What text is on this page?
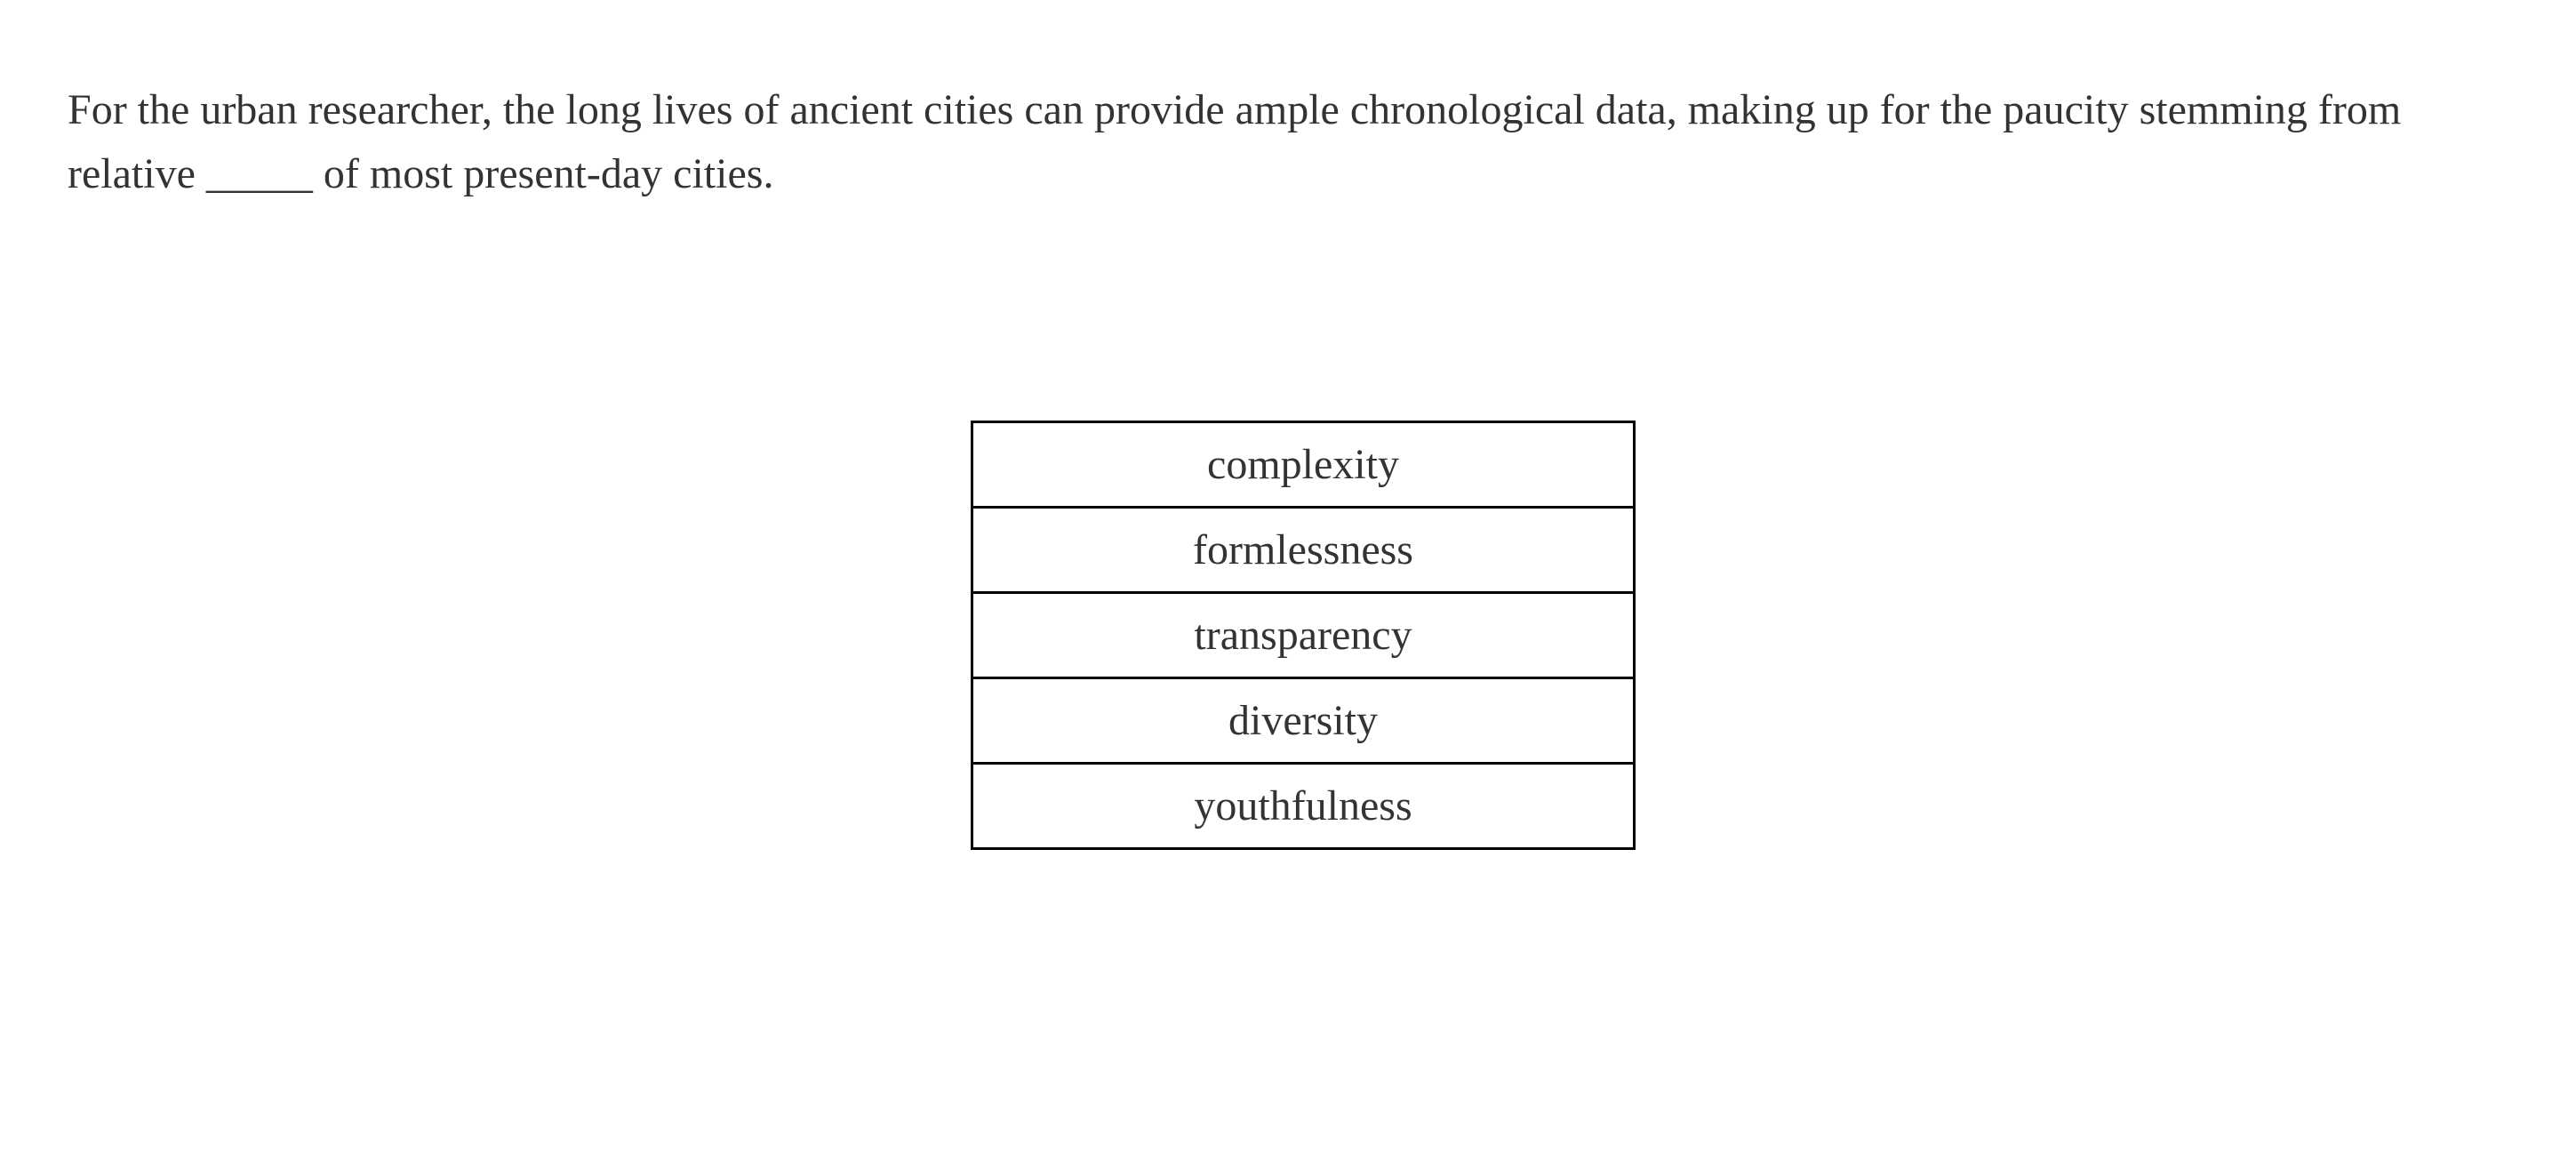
For the urban researcher, the long lives of ancient cities can provide ample chronological data, making up for the paucity stemming from relative _____ of most present-day cities.

complexity
formlessness
transparency
diversity
youthfulness
